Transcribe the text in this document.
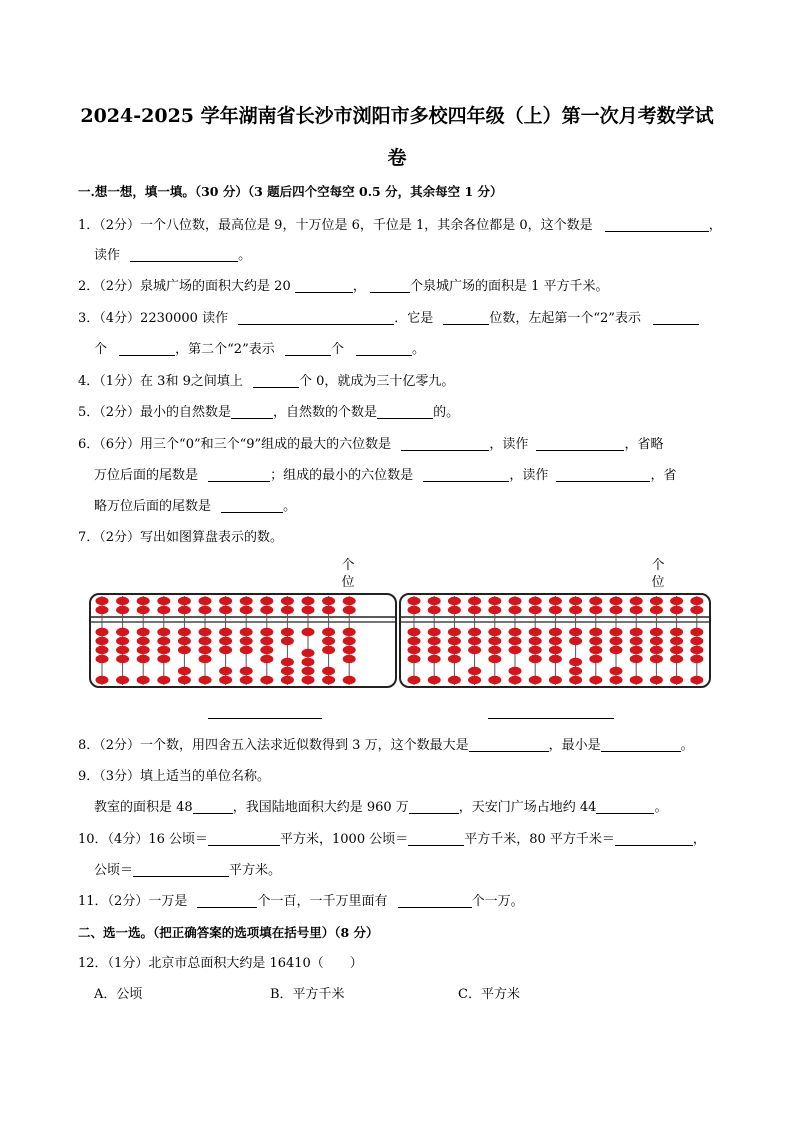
2024-2025 学年湖南省长沙市浏阳市多校四年级（上）第一次月考数学试
卷
一.想一想，填一填。（30 分）（3 题后四个空每空 0.5 分，其余每空 1 分）
1．（2分）一个八位数，最高位是 9，十万位是 6，千位是 1，其余各位都是 0，这个数是	，
读作	。
2．（2分）泉城广场的面积大约是 20	，	个泉城广场的面积是 1 平方千米。
3．（4分）2230000 读作	．它是	位数，左起第一个“2”表示
个	，第二个“2”表示	个	。
4．（1分）在 3和 9之间填上	个 0，就成为三十亿零九。
5．（2分）最小的自然数是	，自然数的个数是	的。
6．（6分）用三个“0”和三个“9”组成的最大的六位数是	，读作	，省略
万位后面的尾数是	；组成的最小的六位数是	，读作	，省
略万位后面的尾数是	。
7．（2分）写出如图算盘表示的数。
个
位
个
位
8．（2分）一个数，用四舍五入法求近似数得到 3 万，这个数最大是	，最小是	。
9．（3分）填上适当的单位名称。
教室的面积是 48	，我国陆地面积大约是 960 万	，天安门广场占地约 44	。
10．（4分）16 公顷＝	平方米，1000 公顷＝	平方千米，80 平方千米＝	，
公顷＝	平方米。
11．（2分）一万是	个一百，一千万里面有	个一万。
二、选一选。（把正确答案的选项填在括号里）（8 分）
12．（1分）北京市总面积大约是 16410（　　）
A．公顷	B．平方千米	C．平方米
